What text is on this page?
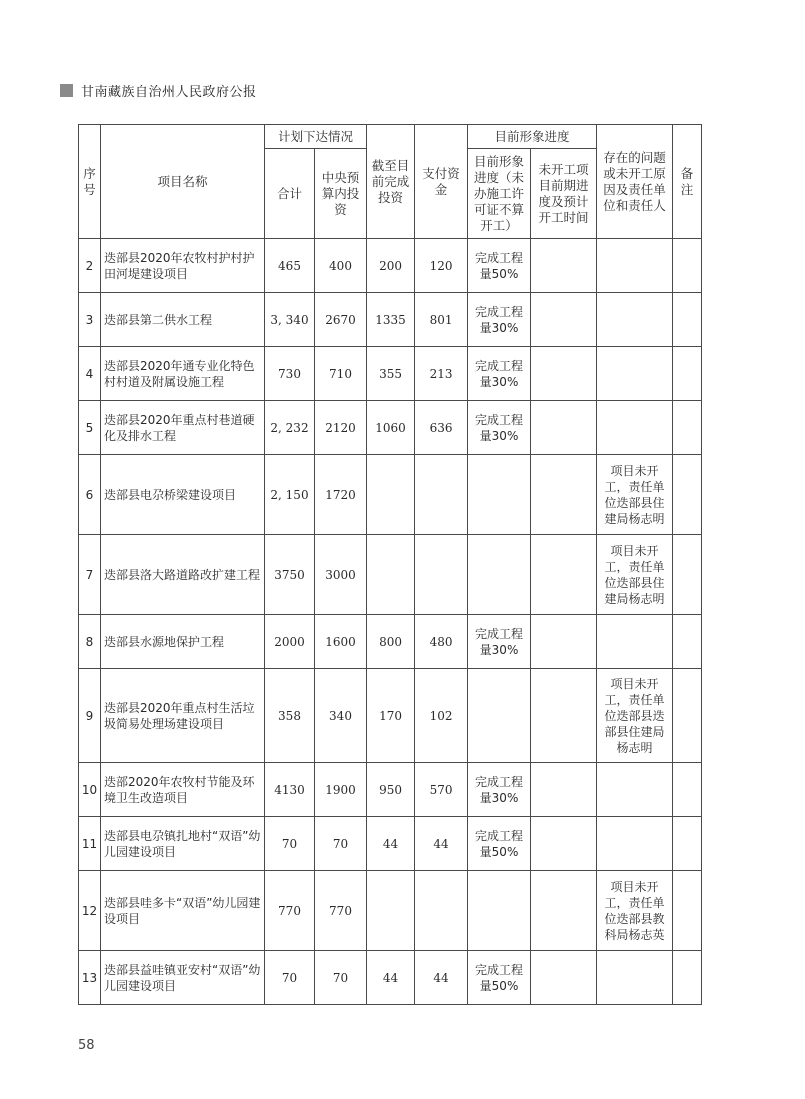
甘南藏族自治州人民政府公报
序号	项目名称	计划下达情况		截至目前完成投资	支付资金	目前形象进度		存在的问题或未开工原因及责任单位和责任人	备注
		合计	中央预算内投资			目前形象进度（未办施工许可证不算开工）	未开工项目前期进度及预计开工时间		
2	迭部县2020年农牧村护村护田河堤建设项目	465	400	200	120	完成工程量50%			
3	迭部县第二供水工程	3, 340	2670	1335	801	完成工程量30%			
4	迭部县2020年通专业化特色村村道及附属设施工程	730	710	355	213	完成工程量30%			
5	迭部县2020年重点村巷道硬化及排水工程	2, 232	2120	1060	636	完成工程量30%			
6	迭部县电尕桥梁建设项目	2, 150	1720					项目未开工，责任单位迭部县住建局杨志明	
7	迭部县洛大路道路改扩建工程	3750	3000					项目未开工，责任单位迭部县住建局杨志明	
8	迭部县水源地保护工程	2000	1600	800	480	完成工程量30%			
9	迭部县2020年重点村生活垃圾简易处理场建设项目	358	340	170	102			项目未开工，责任单位迭部县迭部县住建局杨志明	
10	迭部2020年农牧村节能及环境卫生改造项目	4130	1900	950	570	完成工程量30%			
11	迭部县电尕镇扎地村“双语”幼儿园建设项目	70	70	44	44	完成工程量50%			
12	迭部县哇多卡“双语”幼儿园建设项目	770	770					项目未开工，责任单位迭部县教科局杨志英	
13	迭部县益哇镇亚安村“双语”幼儿园建设项目	70	70	44	44	完成工程量50%			
58
